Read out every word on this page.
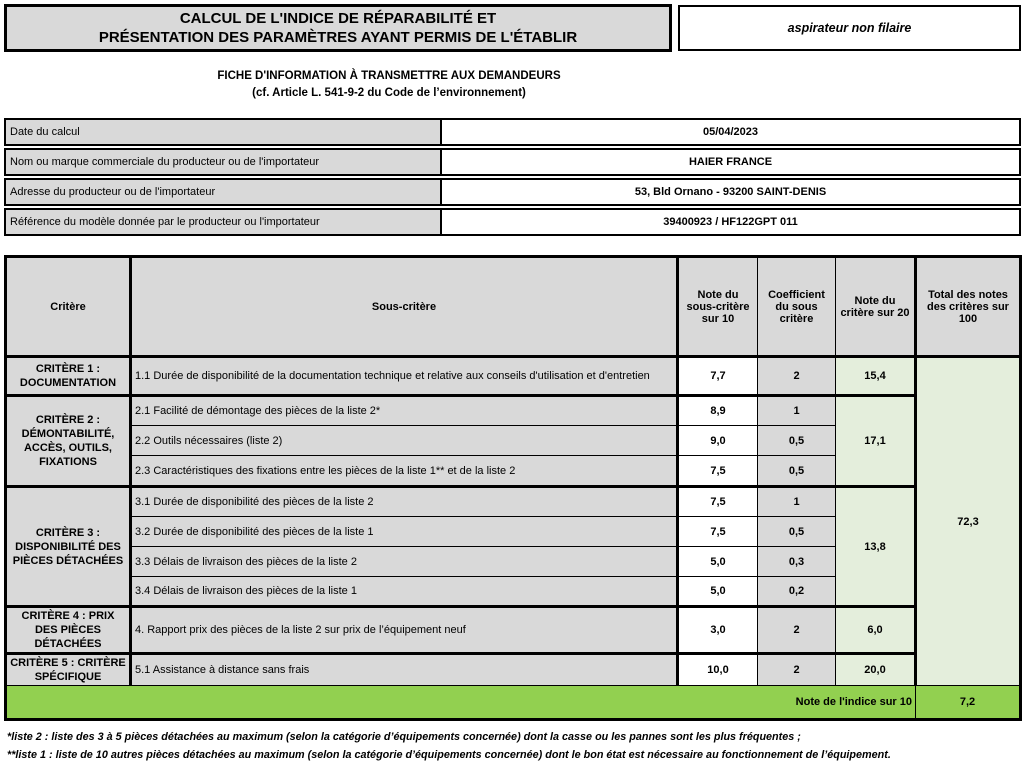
CALCUL DE L'INDICE DE RÉPARABILITÉ ET
PRÉSENTATION DES PARAMÈTRES AYANT PERMIS DE L'ÉTABLIR
aspirateur non filaire
FICHE D'INFORMATION À TRANSMETTRE AUX DEMANDEURS
(cf. Article L. 541-9-2 du Code de l’environnement)
Date du calcul	05/04/2023
Nom ou marque commerciale du producteur ou de l'importateur	HAIER FRANCE
Adresse du producteur ou de l'importateur	53, Bld Ornano - 93200 SAINT-DENIS
Référence du modèle donnée par le producteur ou l'importateur	39400923 / HF122GPT 011
Critère	Sous-critère	Note du sous-critère sur 10	Coefficient du sous critère	Note du critère sur 20	Total des notes des critères sur 100
CRITÈRE 1 : DOCUMENTATION	1.1 Durée de disponibilité de la documentation technique et relative aux conseils d'utilisation et d'entretien	7,7	2	15,4	72,3
CRITÈRE 2 : DÉMONTABILITÉ, ACCÈS, OUTILS, FIXATIONS	2.1 Facilité de démontage des pièces de la liste 2*	8,9	1	17,1	
	2.2 Outils nécessaires (liste 2)	9,0	0,5		
	2.3 Caractéristiques des fixations entre les pièces de la liste 1** et de la liste 2	7,5	0,5		
CRITÈRE 3 : DISPONIBILITÉ DES PIÈCES DÉTACHÉES	3.1 Durée de disponibilité des pièces de la liste 2	7,5	1	13,8	
	3.2 Durée de disponibilité des pièces de la liste 1	7,5	0,5		
	3.3 Délais de livraison des pièces de la liste 2	5,0	0,3		
	3.4 Délais de livraison des pièces de la liste 1	5,0	0,2		
CRITÈRE 4 : PRIX DES PIÈCES DÉTACHÉES	4. Rapport prix des pièces de la liste 2 sur prix de l’équipement neuf	3,0	2	6,0	
CRITÈRE 5 : CRITÈRE SPÉCIFIQUE	5.1 Assistance à distance sans frais	10,0	2	20,0	
Note de l'indice sur 10					7,2
*liste 2 : liste des 3 à 5 pièces détachées au maximum (selon la catégorie d’équipements concernée) dont la casse ou les pannes sont les plus fréquentes ;
**liste 1 : liste de 10 autres pièces détachées au maximum (selon la catégorie d’équipements concernée) dont le bon état est nécessaire au fonctionnement de l’équipement.
